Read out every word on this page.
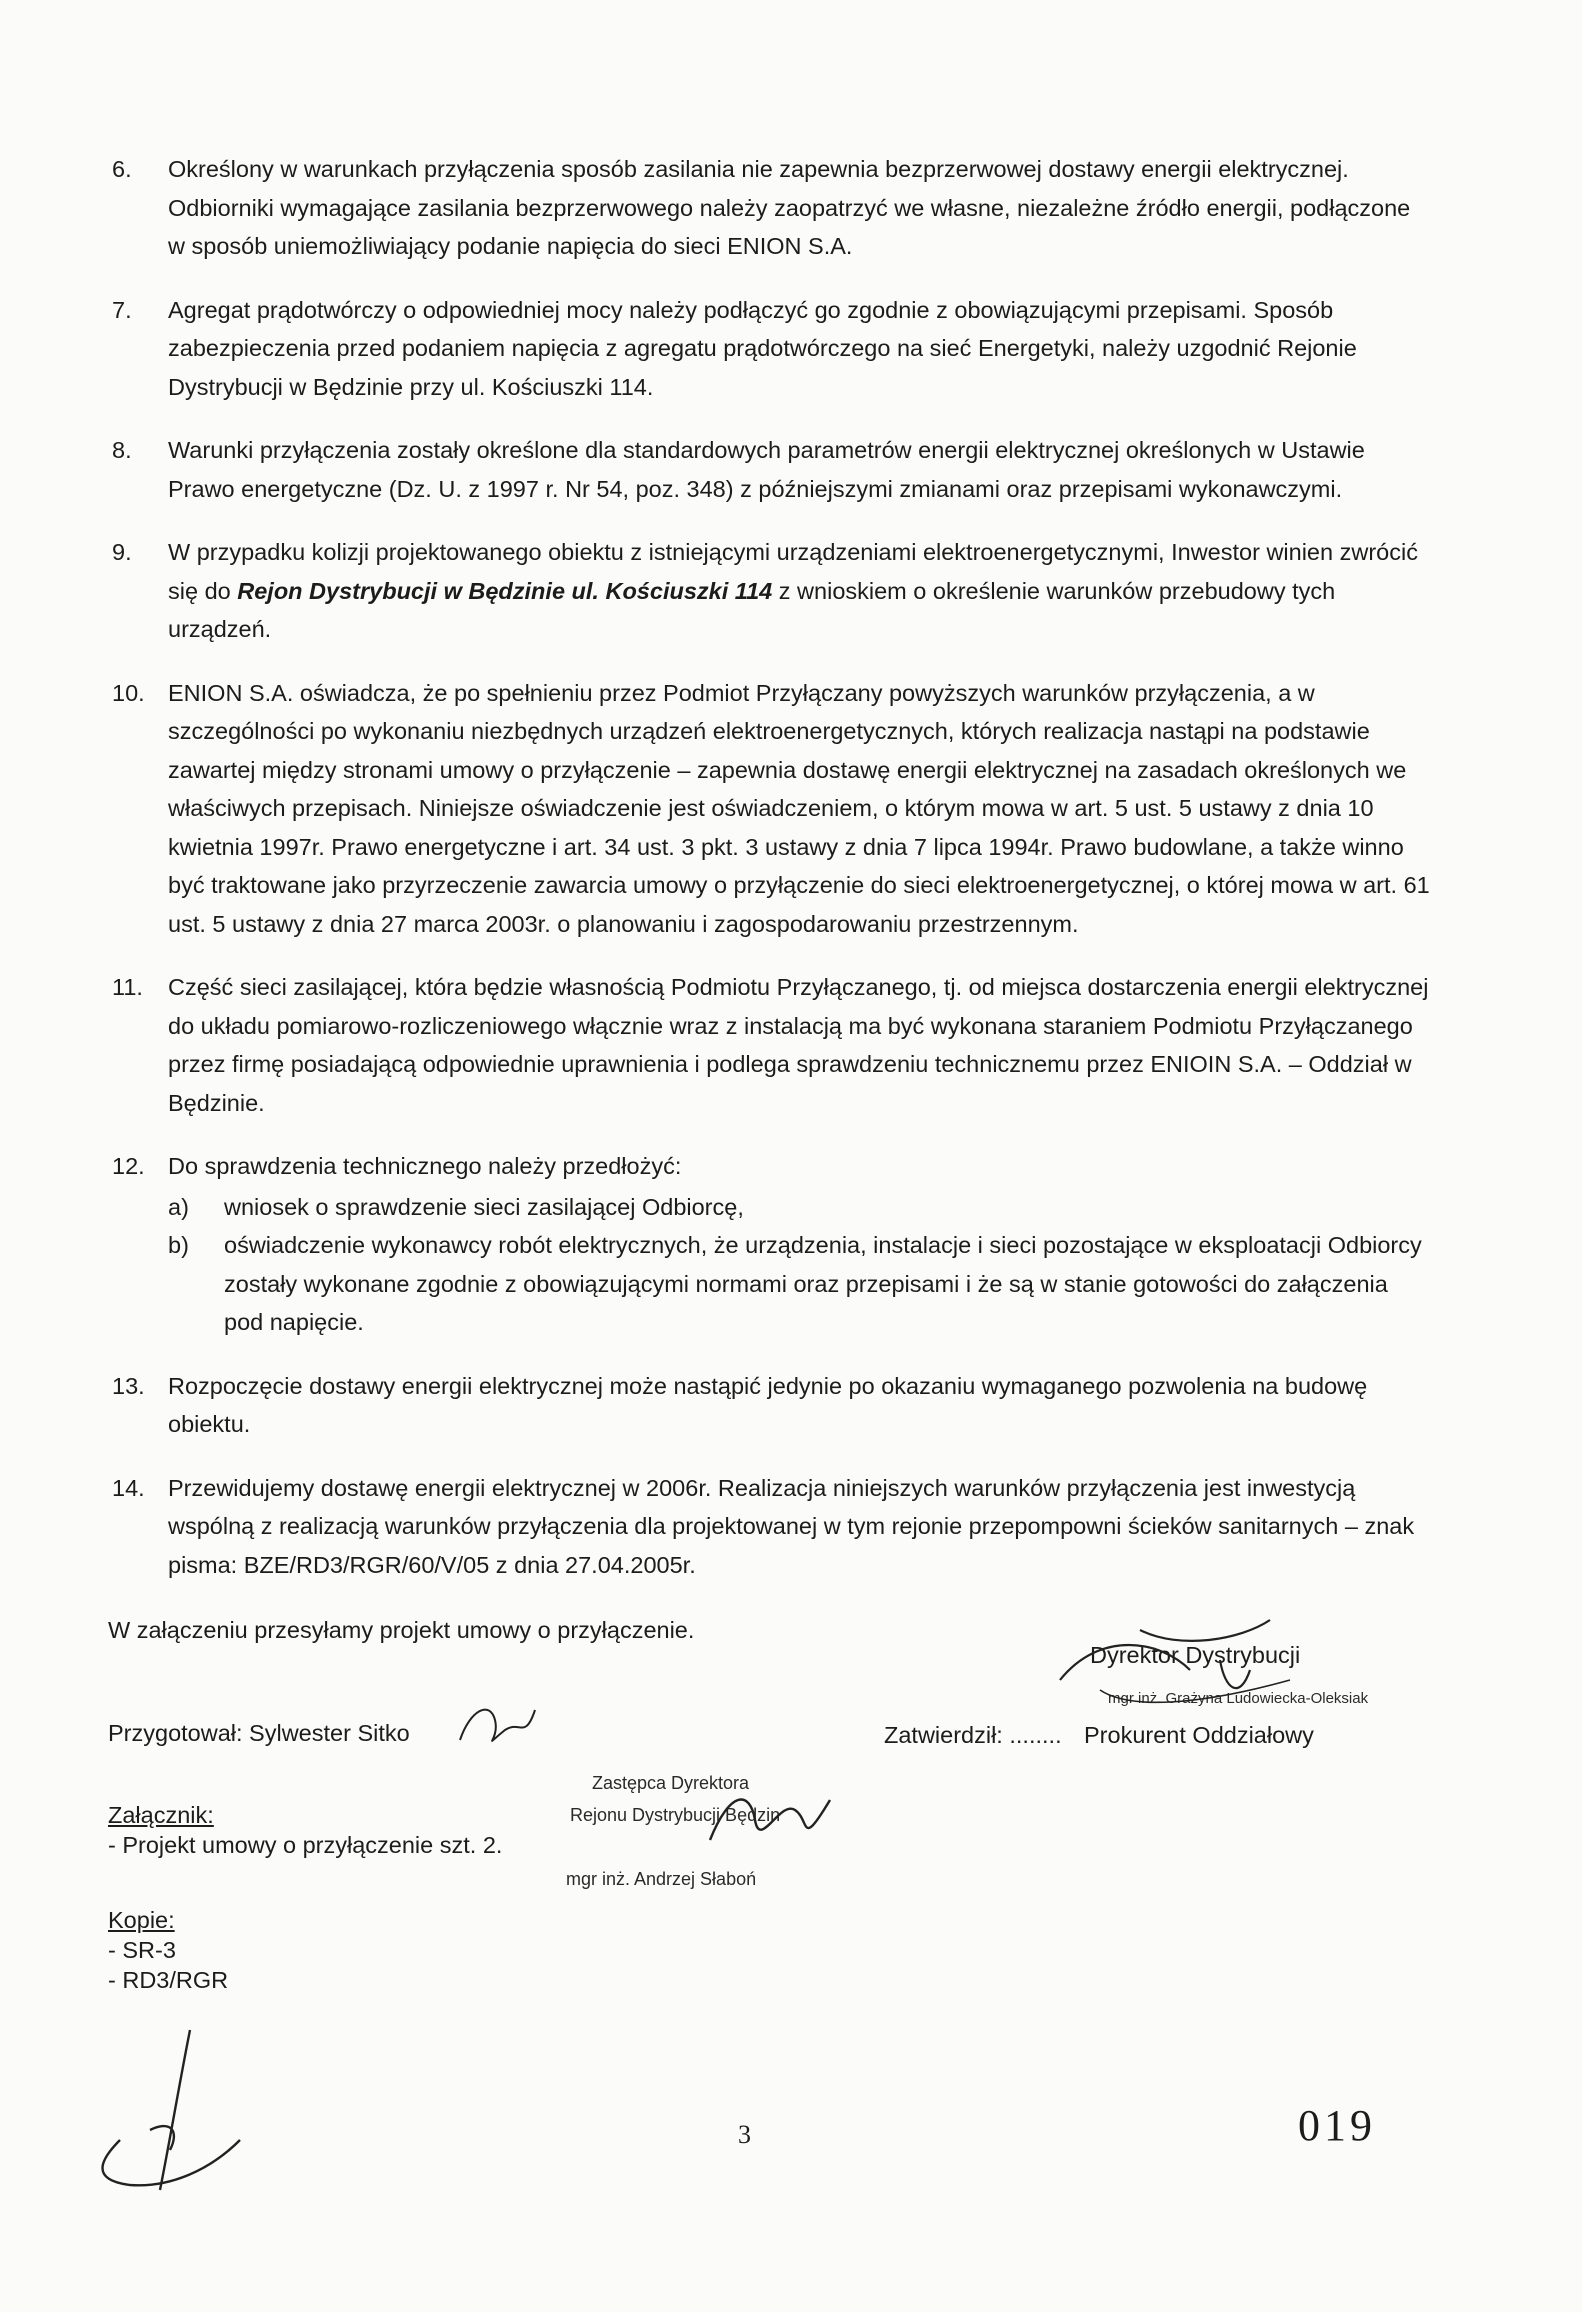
6. Określony w warunkach przyłączenia sposób zasilania nie zapewnia bezprzerwowej dostawy energii elektrycznej. Odbiorniki wymagające zasilania bezprzerwowego należy zaopatrzyć we własne, niezależne źródło energii, podłączone w sposób uniemożliwiający podanie napięcia do sieci ENION S.A.
7. Agregat prądotwórczy o odpowiedniej mocy należy podłączyć go zgodnie z obowiązującymi przepisami. Sposób zabezpieczenia przed podaniem napięcia z agregatu prądotwórczego na sieć Energetyki, należy uzgodnić Rejonie Dystrybucji w Będzinie przy ul. Kościuszki 114.
8. Warunki przyłączenia zostały określone dla standardowych parametrów energii elektrycznej określonych w Ustawie Prawo energetyczne (Dz. U. z 1997 r. Nr 54, poz. 348) z późniejszymi zmianami oraz przepisami wykonawczymi.
9. W przypadku kolizji projektowanego obiektu z istniejącymi urządzeniami elektroenergetycznymi, Inwestor winien zwrócić się do Rejon Dystrybucji w Będzinie ul. Kościuszki 114 z wnioskiem o określenie warunków przebudowy tych urządzeń.
10. ENION S.A. oświadcza, że po spełnieniu przez Podmiot Przyłączany powyższych warunków przyłączenia, a w szczególności po wykonaniu niezbędnych urządzeń elektroenergetycznych, których realizacja nastąpi na podstawie zawartej między stronami umowy o przyłączenie – zapewnia dostawę energii elektrycznej na zasadach określonych we właściwych przepisach. Niniejsze oświadczenie jest oświadczeniem, o którym mowa w art. 5 ust. 5 ustawy z dnia 10 kwietnia 1997r. Prawo energetyczne i art. 34 ust. 3 pkt. 3 ustawy z dnia 7 lipca 1994r. Prawo budowlane, a także winno być traktowane jako przyrzeczenie zawarcia umowy o przyłączenie do sieci elektroenergetycznej, o której mowa w art. 61 ust. 5 ustawy z dnia 27 marca 2003r. o planowaniu i zagospodarowaniu przestrzennym.
11. Część sieci zasilającej, która będzie własnością Podmiotu Przyłączanego, tj. od miejsca dostarczenia energii elektrycznej do układu pomiarowo-rozliczeniowego włącznie wraz z instalacją ma być wykonana staraniem Podmiotu Przyłączanego przez firmę posiadającą odpowiednie uprawnienia i podlega sprawdzeniu technicznemu przez ENIOIN S.A. – Oddział w Będzinie.
12. Do sprawdzenia technicznego należy przedłożyć:
a) wniosek o sprawdzenie sieci zasilającej Odbiorcę,
b) oświadczenie wykonawcy robót elektrycznych, że urządzenia, instalacje i sieci pozostające w eksploatacji Odbiorcy zostały wykonane zgodnie z obowiązującymi normami oraz przepisami i że są w stanie gotowości do załączenia pod napięcie.
13. Rozpoczęcie dostawy energii elektrycznej może nastąpić jedynie po okazaniu wymaganego pozwolenia na budowę obiektu.
14. Przewidujemy dostawę energii elektrycznej w 2006r. Realizacja niniejszych warunków przyłączenia jest inwestycją wspólną z realizacją warunków przyłączenia dla projektowanej w tym rejonie przepompowni ścieków sanitarnych – znak pisma: BZE/RD3/RGR/60/V/05 z dnia 27.04.2005r.
W załączeniu przesyłamy projekt umowy o przyłączenie.
Przygotował: Sylwester Sitko	Zatwierdził: ........
Dyrektor Dystrybucji
mgr inż. Grażyna Ludowiecka-Oleksiak
Prokurent Oddziałowy
Zastępca Dyrektora
Rejonu Dystrybucji Będzin
mgr inż. Andrzej Słaboń
Załącznik:
- Projekt umowy o przyłączenie szt. 2.
Kopie:
- SR-3
- RD3/RGR
3	019
